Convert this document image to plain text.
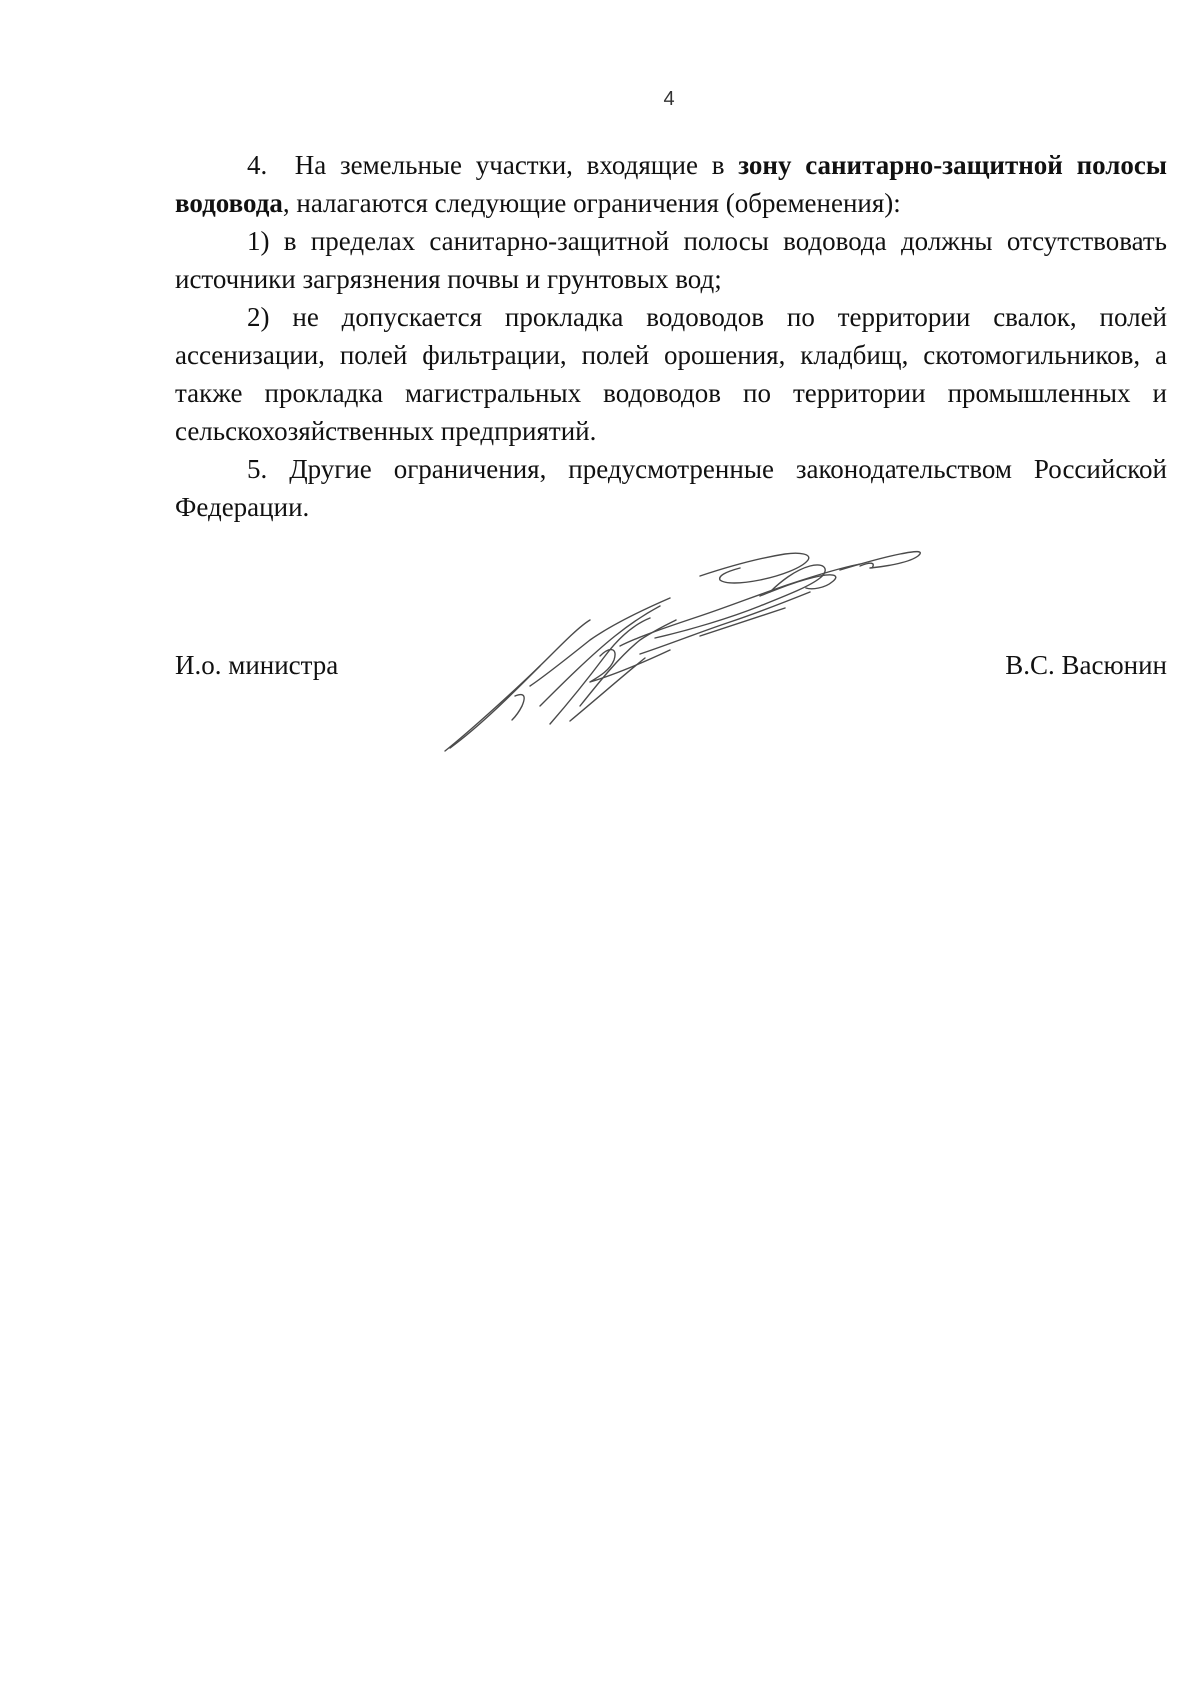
4

4.  На земельные участки, входящие в зону санитарно-защитной полосы водовода, налагаются следующие ограничения (обременения):

1) в пределах санитарно-защитной полосы водовода должны отсутствовать источники загрязнения почвы и грунтовых вод;

2) не допускается прокладка водоводов по территории свалок, полей ассенизации, полей фильтрации, полей орошения, кладбищ, скотомогильников, а также прокладка магистральных водоводов по территории промышленных и сельскохозяйственных предприятий.

5. Другие ограничения, предусмотренные законодательством Российской Федерации.

И.о. министра	В.С. Васюнин
